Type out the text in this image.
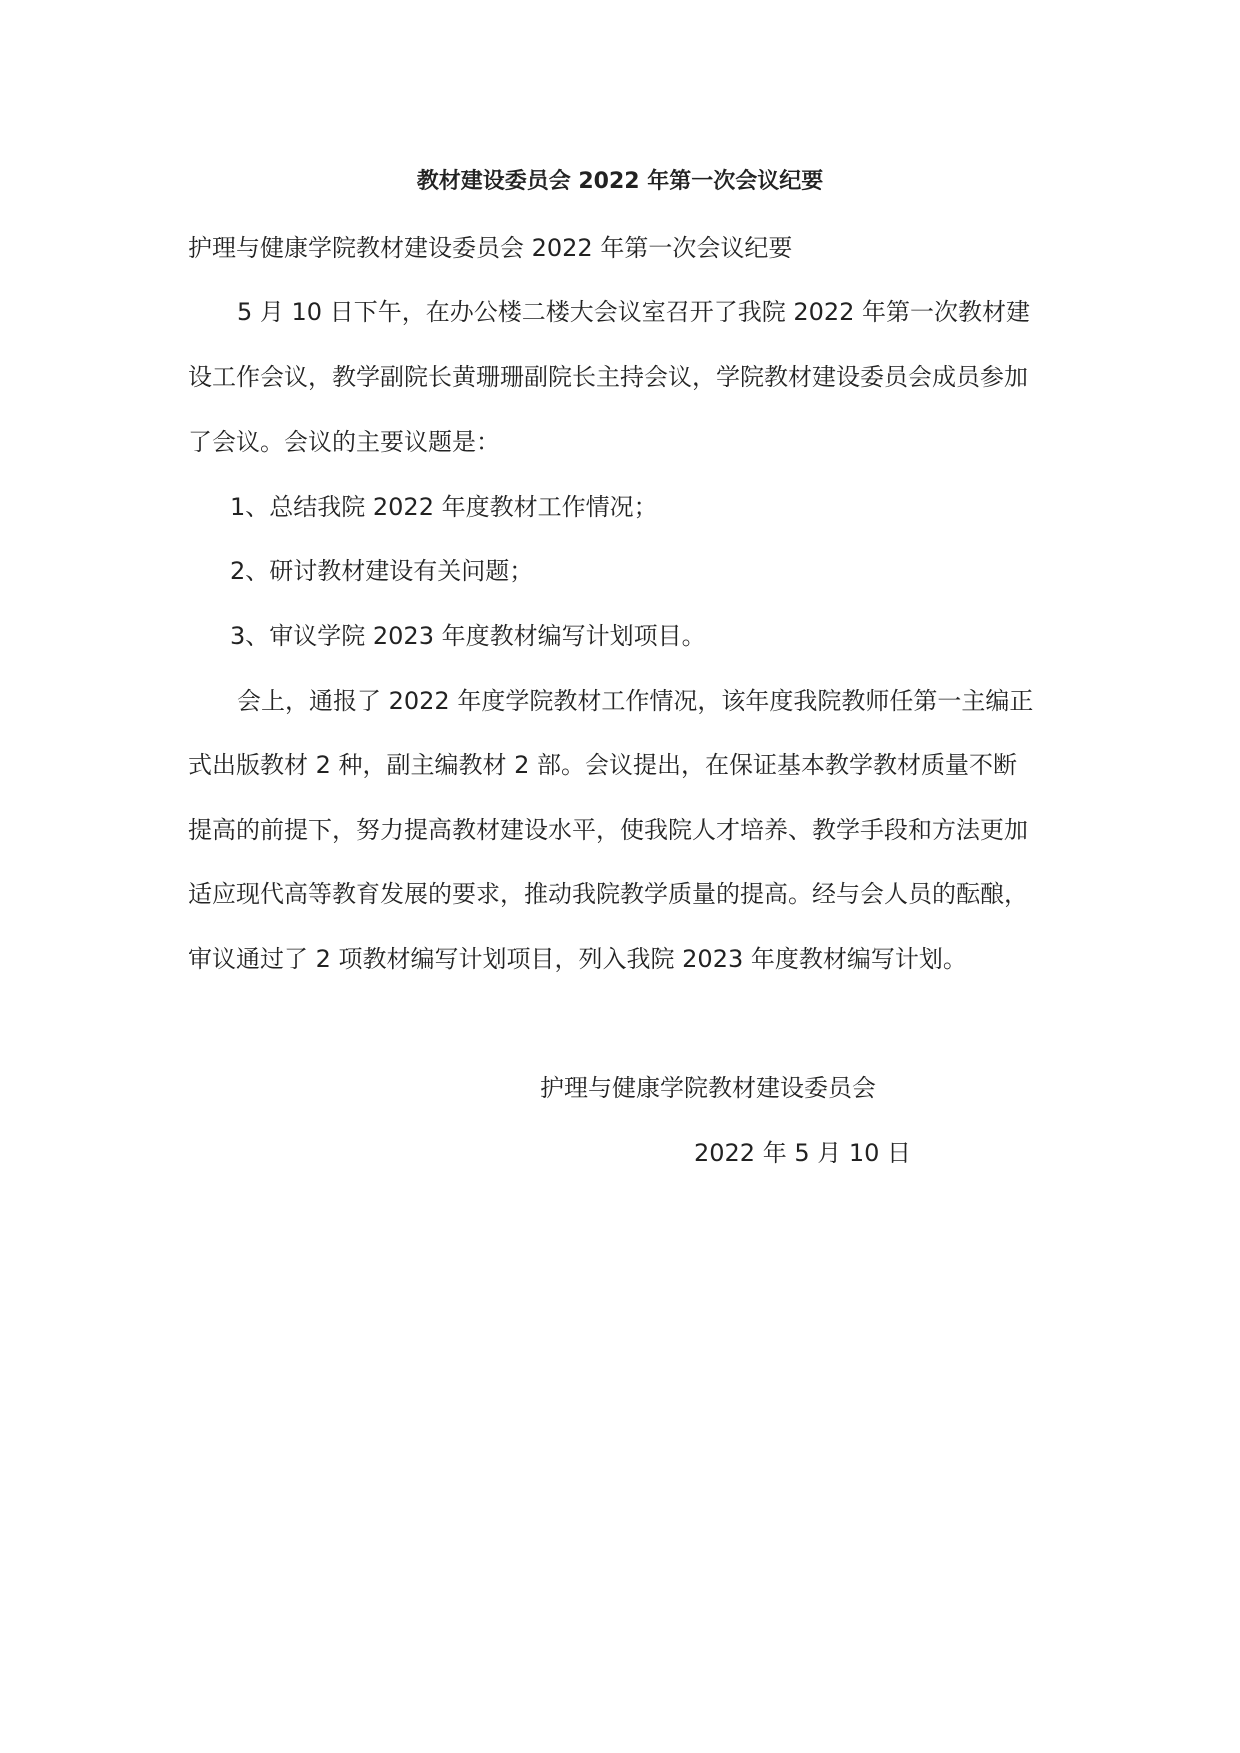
教材建设委员会 2022 年第一次会议纪要
护理与健康学院教材建设委员会 2022 年第一次会议纪要
5 月 10 日下午，在办公楼二楼大会议室召开了我院 2022 年第一次教材建
设工作会议，教学副院长黄珊珊副院长主持会议，学院教材建设委员会成员参加
了会议。会议的主要议题是：
1、总结我院 2022 年度教材工作情况；
2、研讨教材建设有关问题；
3、审议学院 2023 年度教材编写计划项目。
会上，通报了 2022 年度学院教材工作情况，该年度我院教师任第一主编正
式出版教材 2 种，副主编教材 2 部。会议提出，在保证基本教学教材质量不断
提高的前提下，努力提高教材建设水平，使我院人才培养、教学手段和方法更加
适应现代高等教育发展的要求，推动我院教学质量的提高。经与会人员的酝酿，
审议通过了 2 项教材编写计划项目，列入我院 2023 年度教材编写计划。
护理与健康学院教材建设委员会
2022 年 5 月 10 日
